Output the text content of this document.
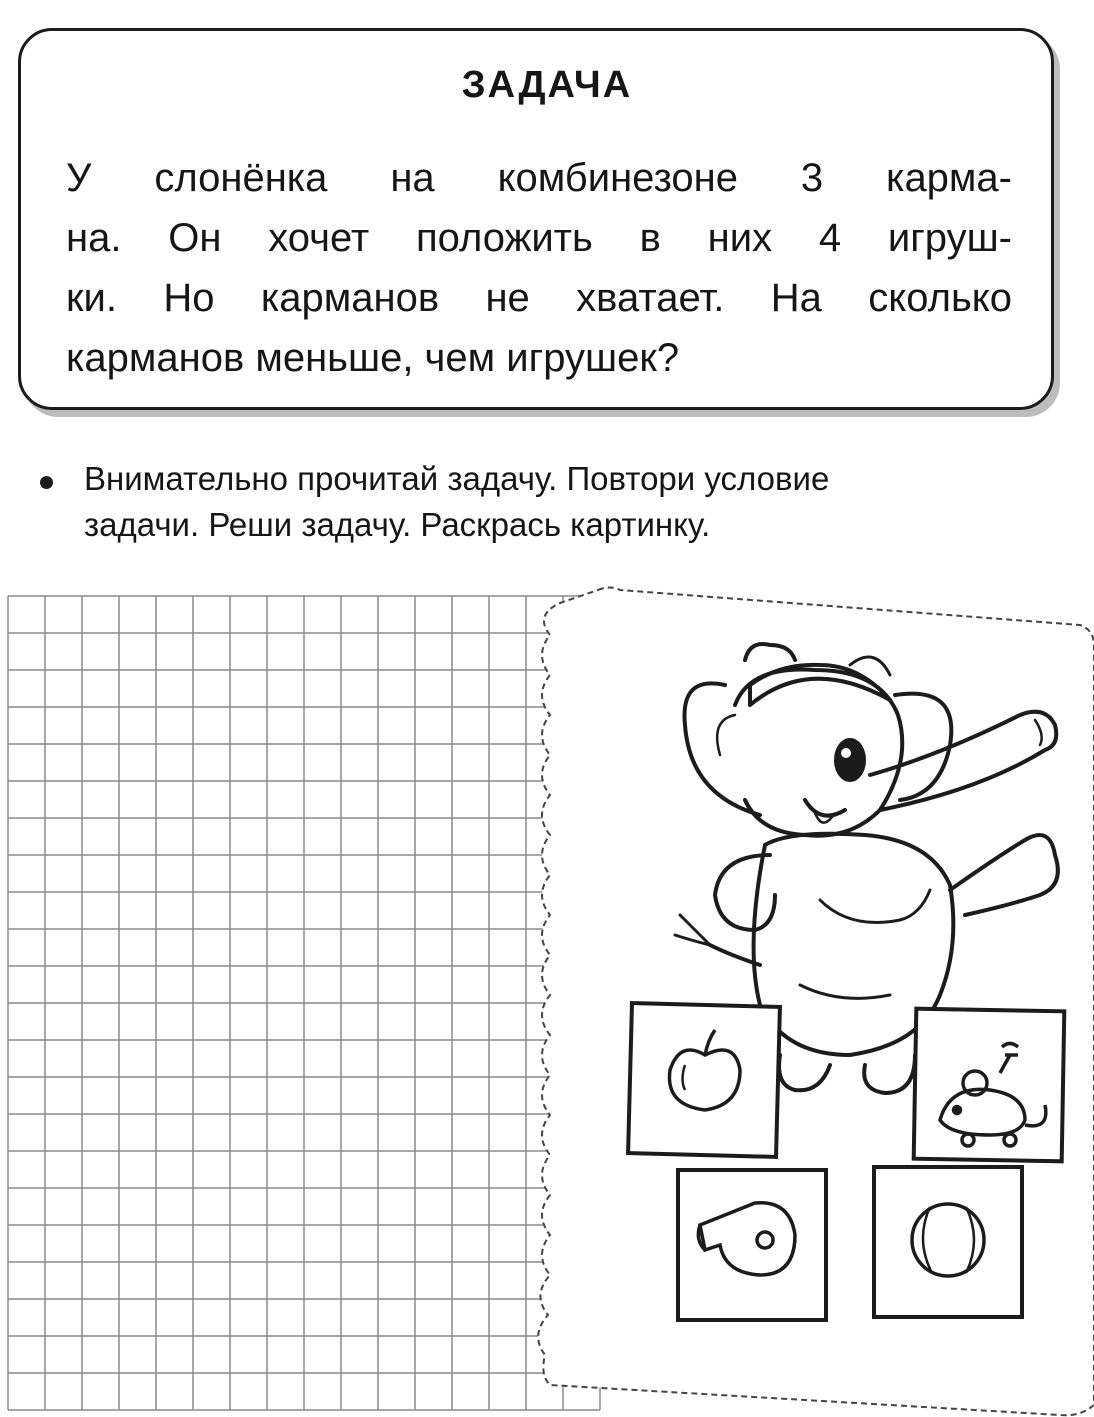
ЗАДАЧА
У слонёнка на комбинезоне 3 карма-
на. Он хочет положить в них 4 игруш-
ки. Но карманов не хватает. На сколько
карманов меньше, чем игрушек?
Внимательно прочитай задачу. Повтори условие
задачи. Реши задачу. Раскрась картинку.
